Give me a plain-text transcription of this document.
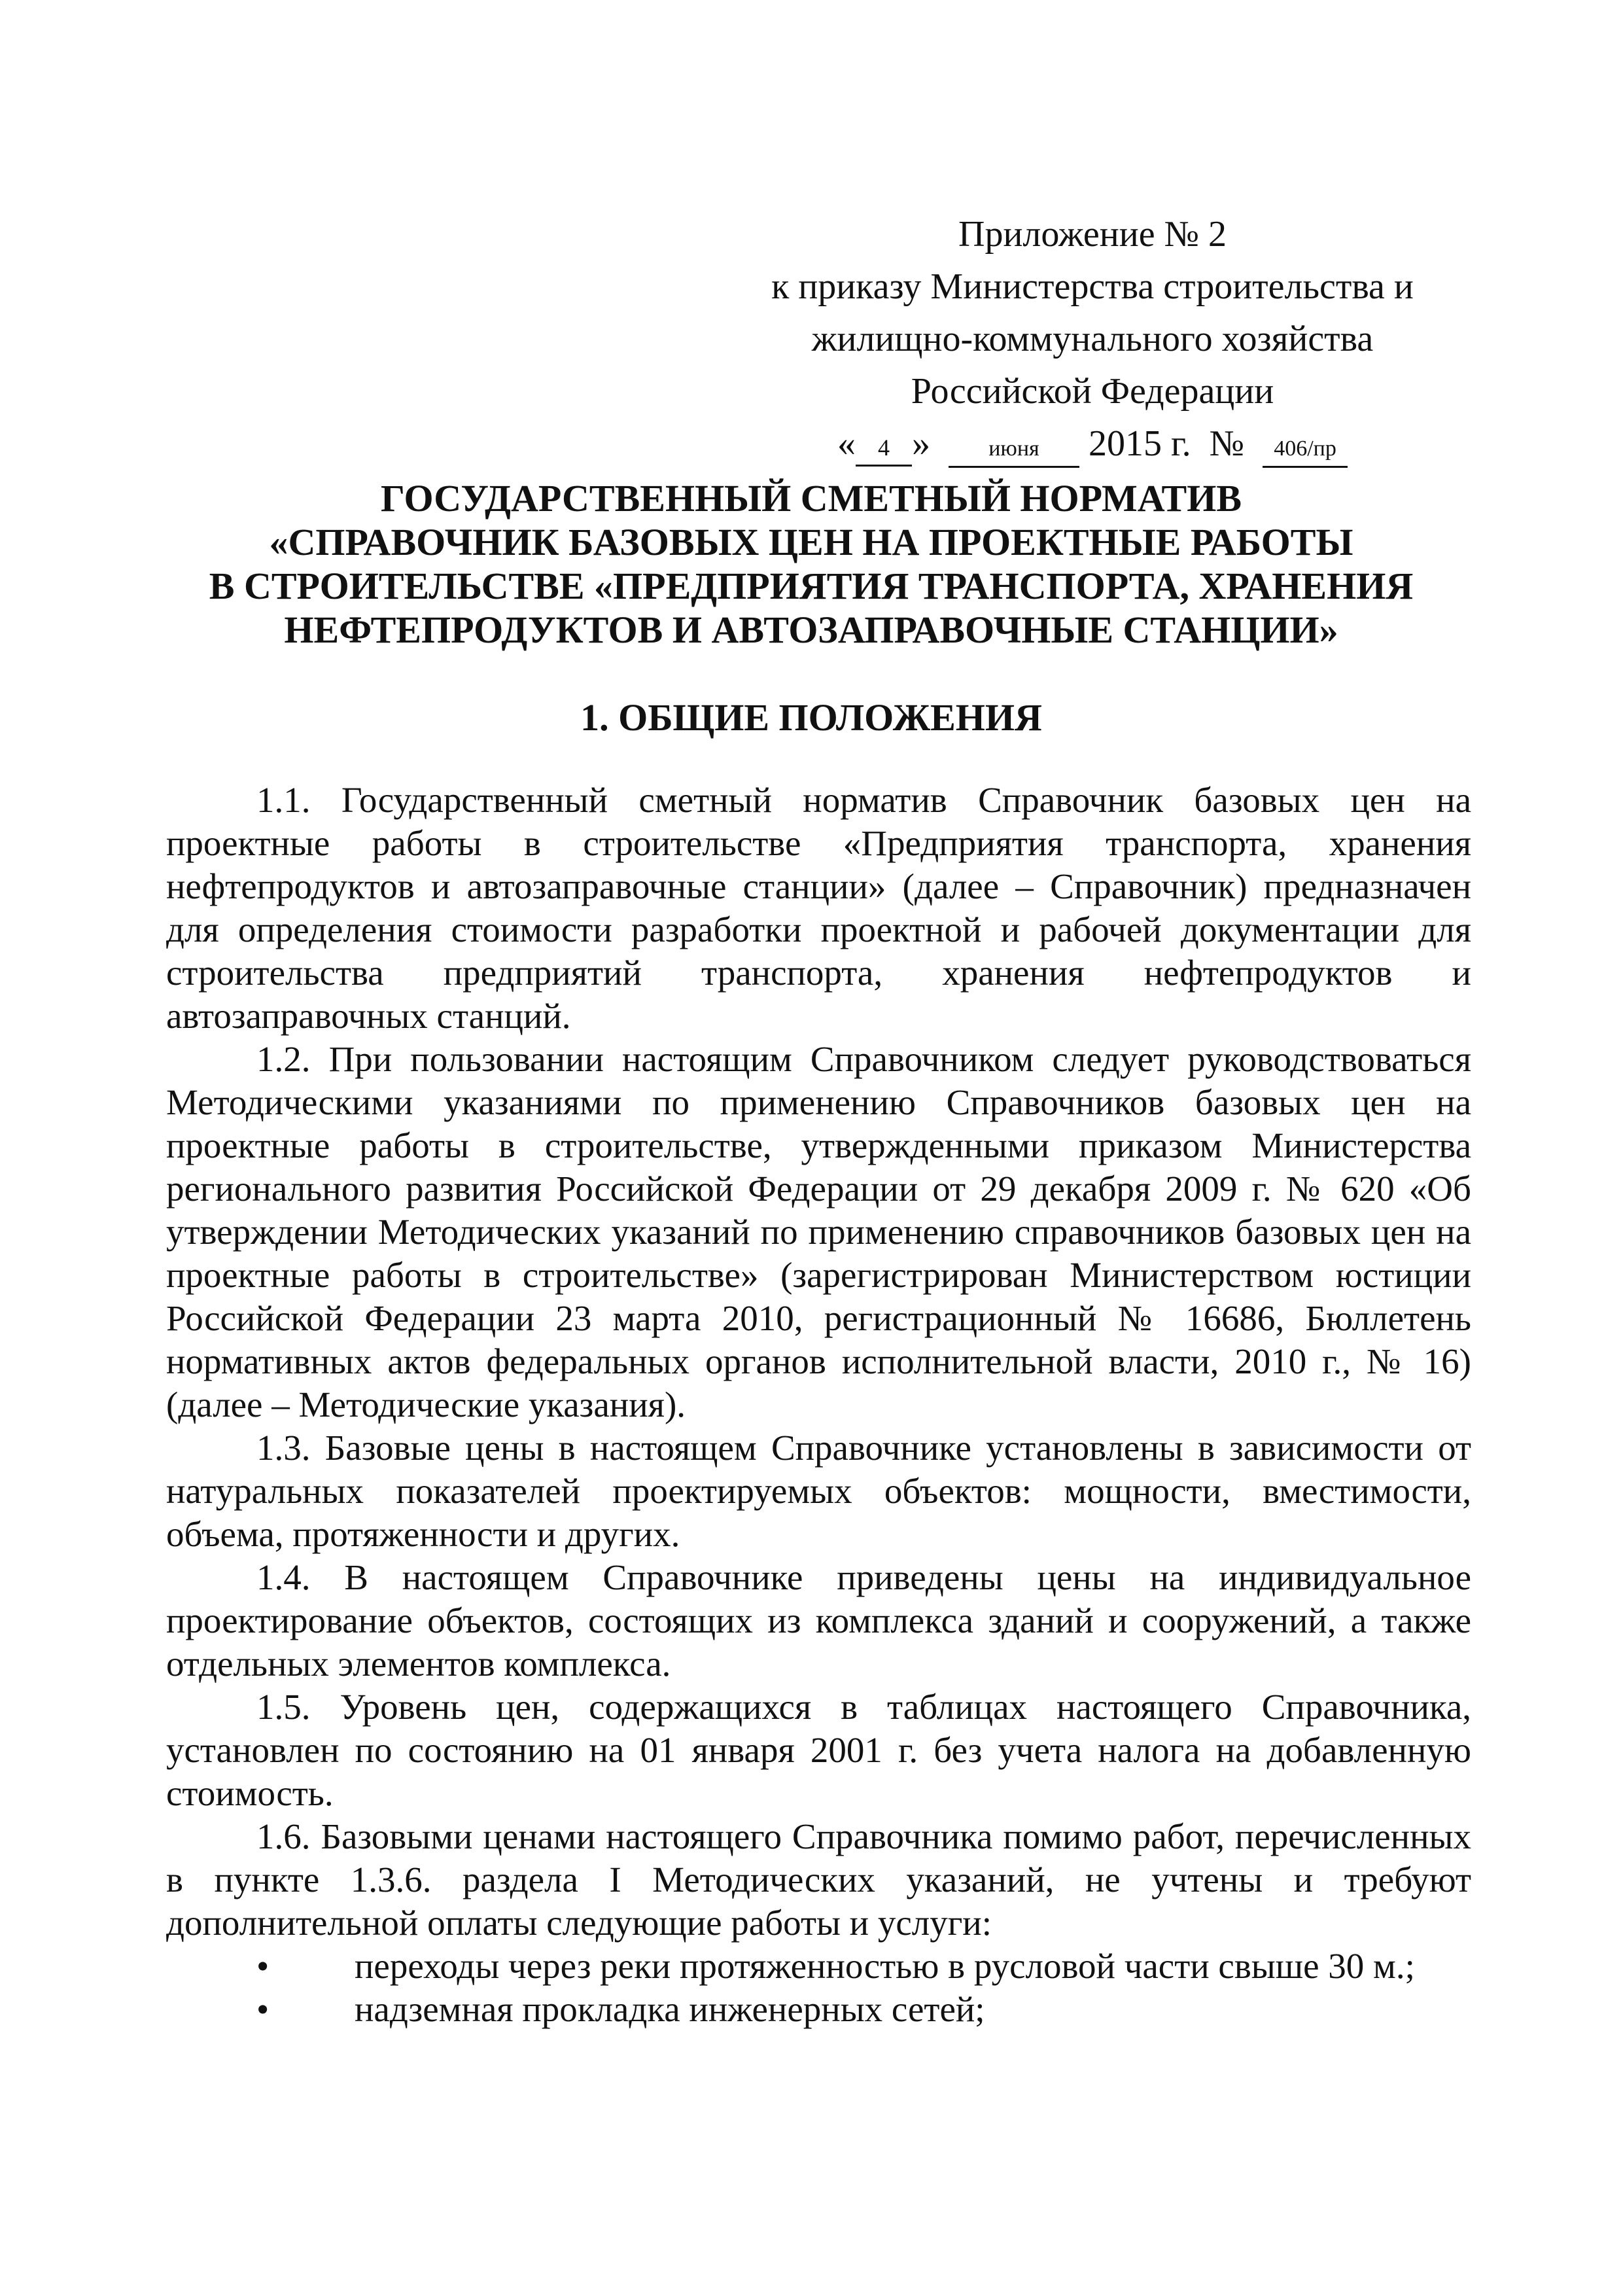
Приложение № 2
к приказу Министерства строительства и
жилищно-коммунального хозяйства
Российской Федерации
« 4 »	июня 2015 г. № 406/пр
ГОСУДАРСТВЕННЫЙ СМЕТНЫЙ НОРМАТИВ
«СПРАВОЧНИК БАЗОВЫХ ЦЕН НА ПРОЕКТНЫЕ РАБОТЫ
В СТРОИТЕЛЬСТВЕ «ПРЕДПРИЯТИЯ ТРАНСПОРТА, ХРАНЕНИЯ
НЕФТЕПРОДУКТОВ И АВТОЗАПРАВОЧНЫЕ СТАНЦИИ»
1. ОБЩИЕ ПОЛОЖЕНИЯ

1.1. Государственный сметный норматив Справочник базовых цен на проектные работы в строительстве «Предприятия транспорта, хранения нефтепродуктов и автозаправочные станции» (далее – Справочник) предназначен для определения стоимости разработки проектной и рабочей документации для строительства предприятий транспорта, хранения нефтепродуктов и автозаправочных станций.

1.2. При пользовании настоящим Справочником следует руководствоваться Методическими указаниями по применению Справочников базовых цен на проектные работы в строительстве, утвержденными приказом Министерства регионального развития Российской Федерации от 29 декабря 2009 г. № 620 «Об утверждении Методических указаний по применению справочников базовых цен на проектные работы в строительстве» (зарегистрирован Министерством юстиции Российской Федерации 23 марта 2010, регистрационный № 16686, Бюллетень нормативных актов федеральных органов исполнительной власти, 2010 г., № 16) (далее – Методические указания).

1.3. Базовые цены в настоящем Справочнике установлены в зависимости от натуральных показателей проектируемых объектов: мощности, вместимости, объема, протяженности и других.

1.4. В настоящем Справочнике приведены цены на индивидуальное проектирование объектов, состоящих из комплекса зданий и сооружений, а также отдельных элементов комплекса.

1.5. Уровень цен, содержащихся в таблицах настоящего Справочника, установлен по состоянию на 01 января 2001 г. без учета налога на добавленную стоимость.

1.6. Базовыми ценами настоящего Справочника помимо работ, перечисленных в пункте 1.3.6. раздела I Методических указаний, не учтены и требуют дополнительной оплаты следующие работы и услуги:

• переходы через реки протяженностью в русловой части свыше 30 м.;

• надземная прокладка инженерных сетей;
